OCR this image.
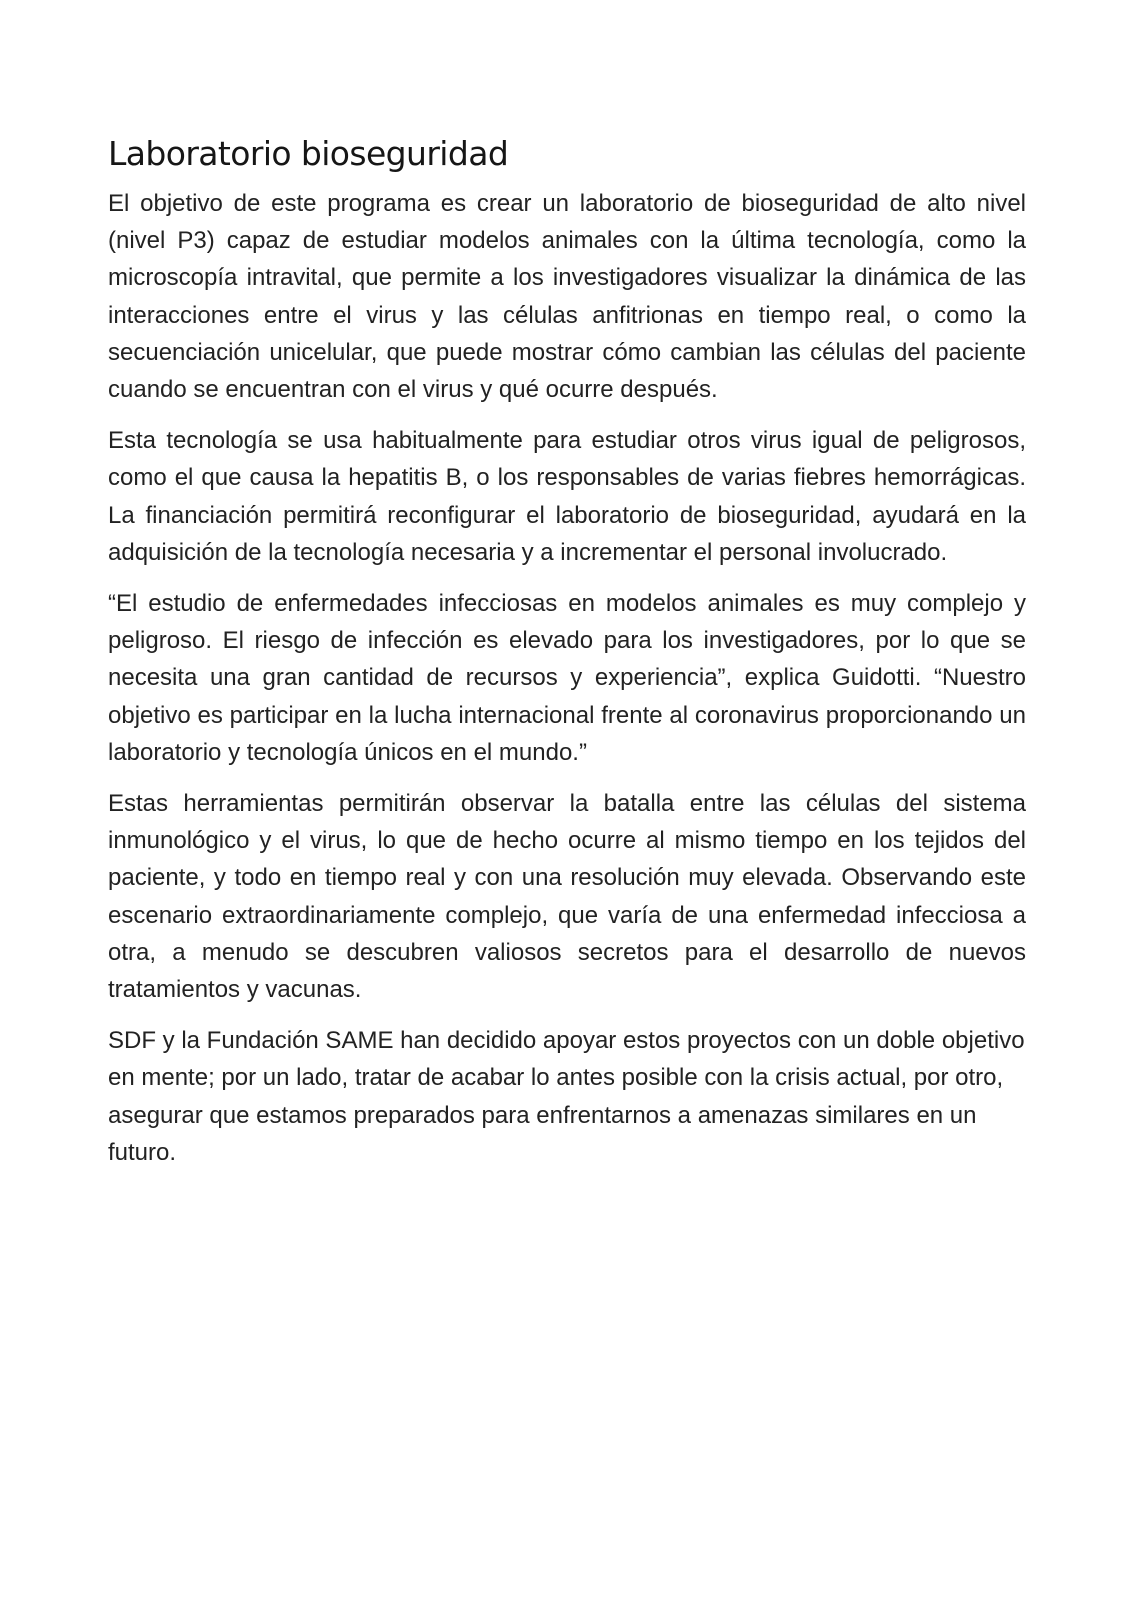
Laboratorio bioseguridad

El objetivo de este programa es crear un laboratorio de bioseguridad de alto nivel (nivel P3) capaz de estudiar modelos animales con la última tecnología, como la microscopía intravital, que permite a los investigadores visualizar la dinámica de las interacciones entre el virus y las células anfitrionas en tiempo real, o como la secuenciación unicelular, que puede mostrar cómo cambian las células del paciente cuando se encuentran con el virus y qué ocurre después.

Esta tecnología se usa habitualmente para estudiar otros virus igual de peligrosos, como el que causa la hepatitis B, o los responsables de varias fiebres hemorrágicas. La financiación permitirá reconfigurar el laboratorio de bioseguridad, ayudará en la adquisición de la tecnología necesaria y a incrementar el personal involucrado.

“El estudio de enfermedades infecciosas en modelos animales es muy complejo y peligroso. El riesgo de infección es elevado para los investigadores, por lo que se necesita una gran cantidad de recursos y experiencia”, explica Guidotti. “Nuestro objetivo es participar en la lucha internacional frente al coronavirus proporcionando un laboratorio y tecnología únicos en el mundo.”

Estas herramientas permitirán observar la batalla entre las células del sistema inmunológico y el virus, lo que de hecho ocurre al mismo tiempo en los tejidos del paciente, y todo en tiempo real y con una resolución muy elevada. Observando este escenario extraordinariamente complejo, que varía de una enfermedad infecciosa a otra, a menudo se descubren valiosos secretos para el desarrollo de nuevos tratamientos y vacunas.

SDF y la Fundación SAME han decidido apoyar estos proyectos con un doble objetivo en mente; por un lado, tratar de acabar lo antes posible con la crisis actual, por otro, asegurar que estamos preparados para enfrentarnos a amenazas similares en un futuro.
